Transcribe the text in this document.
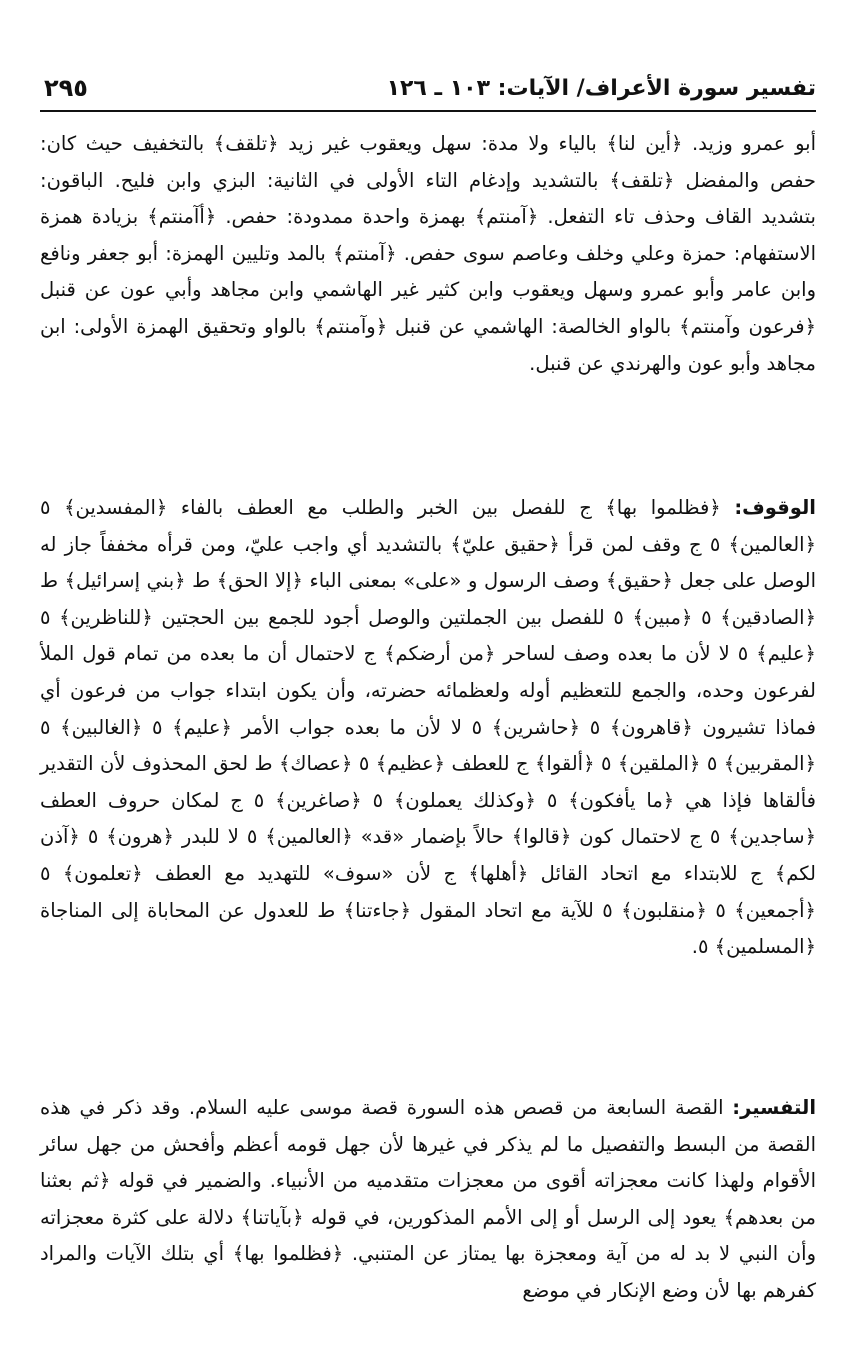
تفسير سورة الأعراف/ الآيات: ١٠٣ ـ ١٢٦
٢٩٥

أبو عمرو وزيد. ﴿أين لنا﴾ بالياء ولا مدة: سهل ويعقوب غير زيد ﴿تلقف﴾ بالتخفيف حيث كان: حفص والمفضل ﴿تلقف﴾ بالتشديد وإدغام التاء الأولى في الثانية: البزي وابن فليح. الباقون: بتشديد القاف وحذف تاء التفعل. ﴿آمنتم﴾ بهمزة واحدة ممدودة: حفص. ﴿أآمنتم﴾ بزيادة همزة الاستفهام: حمزة وعلي وخلف وعاصم سوى حفص. ﴿آمنتم﴾ بالمد وتليين الهمزة: أبو جعفر ونافع وابن عامر وأبو عمرو وسهل ويعقوب وابن كثير غير الهاشمي وابن مجاهد وأبي عون عن قنبل ﴿فرعون وآمنتم﴾ بالواو الخالصة: الهاشمي عن قنبل ﴿وآمنتم﴾ بالواو وتحقيق الهمزة الأولى: ابن مجاهد وأبو عون والهرندي عن قنبل.

الوقوف: ﴿فظلموا بها﴾ ج للفصل بين الخبر والطلب مع العطف بالفاء ﴿المفسدين﴾ ٥ ﴿العالمين﴾ ٥ ج وقف لمن قرأ ﴿حقيق عليّ﴾ بالتشديد أي واجب عليّ، ومن قرأه مخففاً جاز له الوصل على جعل ﴿حقيق﴾ وصف الرسول و «على» بمعنى الباء ﴿إلا الحق﴾ ط ﴿بني إسرائيل﴾ ط ﴿الصادقين﴾ ٥ ﴿مبين﴾ ٥ للفصل بين الجملتين والوصل أجود للجمع بين الحجتين ﴿للناظرين﴾ ٥ ﴿عليم﴾ ٥ لا لأن ما بعده وصف لساحر ﴿من أرضكم﴾ ج لاحتمال أن ما بعده من تمام قول الملأ لفرعون وحده، والجمع للتعظيم أوله ولعظمائه حضرته، وأن يكون ابتداء جواب من فرعون أي فماذا تشيرون ﴿قاهرون﴾ ٥ ﴿حاشرين﴾ ٥ لا لأن ما بعده جواب الأمر ﴿عليم﴾ ٥ ﴿الغالبين﴾ ٥ ﴿المقربين﴾ ٥ ﴿الملقين﴾ ٥ ﴿ألقوا﴾ ج للعطف ﴿عظيم﴾ ٥ ﴿عصاك﴾ ط لحق المحذوف لأن التقدير فألقاها فإذا هي ﴿ما يأفكون﴾ ٥ ﴿وكذلك يعملون﴾ ٥ ﴿صاغرين﴾ ٥ ج لمكان حروف العطف ﴿ساجدين﴾ ٥ ج لاحتمال كون ﴿قالوا﴾ حالاً بإضمار «قد» ﴿العالمين﴾ ٥ لا للبدر ﴿هرون﴾ ٥ ﴿آذن لكم﴾ ج للابتداء مع اتحاد القائل ﴿أهلها﴾ ج لأن «سوف» للتهديد مع العطف ﴿تعلمون﴾ ٥ ﴿أجمعين﴾ ٥ ﴿منقلبون﴾ ٥ للآية مع اتحاد المقول ﴿جاءتنا﴾ ط للعدول عن المحاباة إلى المناجاة ﴿المسلمين﴾ ٥.

التفسير: القصة السابعة من قصص هذه السورة قصة موسى عليه السلام. وقد ذكر في هذه القصة من البسط والتفصيل ما لم يذكر في غيرها لأن جهل قومه أعظم وأفحش من جهل سائر الأقوام ولهذا كانت معجزاته أقوى من معجزات متقدميه من الأنبياء. والضمير في قوله ﴿ثم بعثنا من بعدهم﴾ يعود إلى الرسل أو إلى الأمم المذكورين، في قوله ﴿بآياتنا﴾ دلالة على كثرة معجزاته وأن النبي لا بد له من آية ومعجزة بها يمتاز عن المتنبي. ﴿فظلموا بها﴾ أي بتلك الآيات والمراد كفرهم بها لأن وضع الإنكار في موضع
